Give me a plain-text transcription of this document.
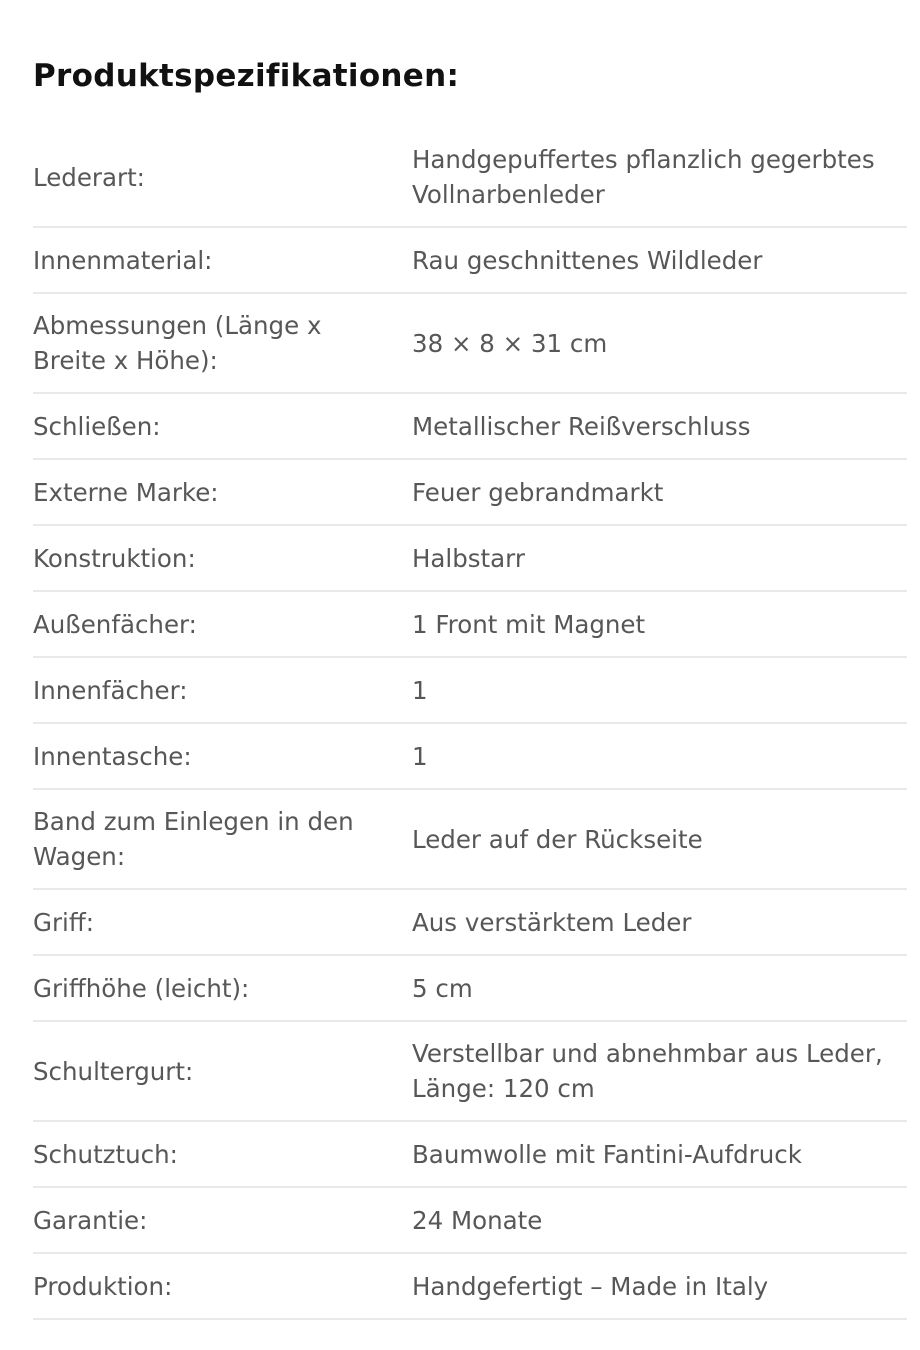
Produktspezifikationen:
Lederart:	Handgepuffertes pflanzlich gegerbtes Vollnarbenleder
Innenmaterial:	Rau geschnittenes Wildleder
Abmessungen (Länge x Breite x Höhe):	38 × 8 × 31 cm
Schließen:	Metallischer Reißverschluss
Externe Marke:	Feuer gebrandmarkt
Konstruktion:	Halbstarr
Außenfächer:	1 Front mit Magnet
Innenfächer:	1
Innentasche:	1
Band zum Einlegen in den Wagen:	Leder auf der Rückseite
Griff:	Aus verstärktem Leder
Griffhöhe (leicht):	5 cm
Schultergurt:	Verstellbar und abnehmbar aus Leder, Länge: 120 cm
Schutztuch:	Baumwolle mit Fantini-Aufdruck
Garantie:	24 Monate
Produktion:	Handgefertigt – Made in Italy
